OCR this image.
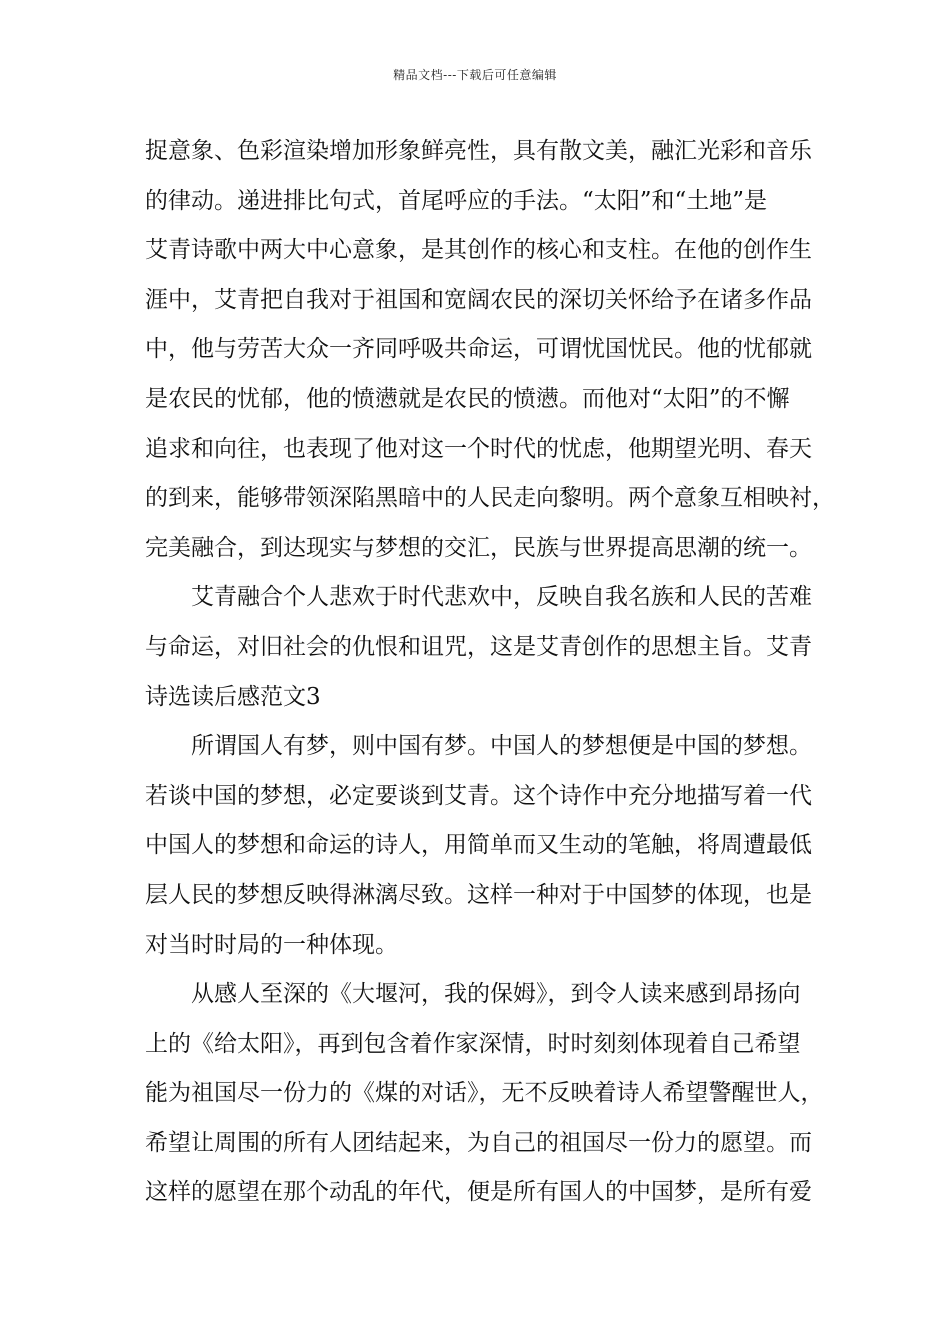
精品文档---下载后可任意编辑
捉意象、色彩渲染增加形象鲜亮性，具有散文美，融汇光彩和音乐
的律动。递进排比句式，首尾呼应的手法。“太阳”和“土地”是
艾青诗歌中两大中心意象，是其创作的核心和支柱。在他的创作生
涯中，艾青把自我对于祖国和宽阔农民的深切关怀给予在诸多作品
中，他与劳苦大众一齐同呼吸共命运，可谓忧国忧民。他的忧郁就
是农民的忧郁，他的愤懑就是农民的愤懑。而他对“太阳”的不懈
追求和向往，也表现了他对这一个时代的忧虑，他期望光明、春天
的到来，能够带领深陷黑暗中的人民走向黎明。两个意象互相映衬，
完美融合，到达现实与梦想的交汇，民族与世界提高思潮的统一。
艾青融合个人悲欢于时代悲欢中，反映自我名族和人民的苦难
与命运，对旧社会的仇恨和诅咒，这是艾青创作的思想主旨。艾青
诗选读后感范文3
所谓国人有梦，则中国有梦。中国人的梦想便是中国的梦想。
若谈中国的梦想，必定要谈到艾青。这个诗作中充分地描写着一代
中国人的梦想和命运的诗人，用简单而又生动的笔触，将周遭最低
层人民的梦想反映得淋漓尽致。这样一种对于中国梦的体现，也是
对当时时局的一种体现。
从感人至深的《大堰河，我的保姆》，到令人读来感到昂扬向
上的《给太阳》，再到包含着作家深情，时时刻刻体现着自己希望
能为祖国尽一份力的《煤的对话》，无不反映着诗人希望警醒世人，
希望让周围的所有人团结起来，为自己的祖国尽一份力的愿望。而
这样的愿望在那个动乱的年代，便是所有国人的中国梦，是所有爱
